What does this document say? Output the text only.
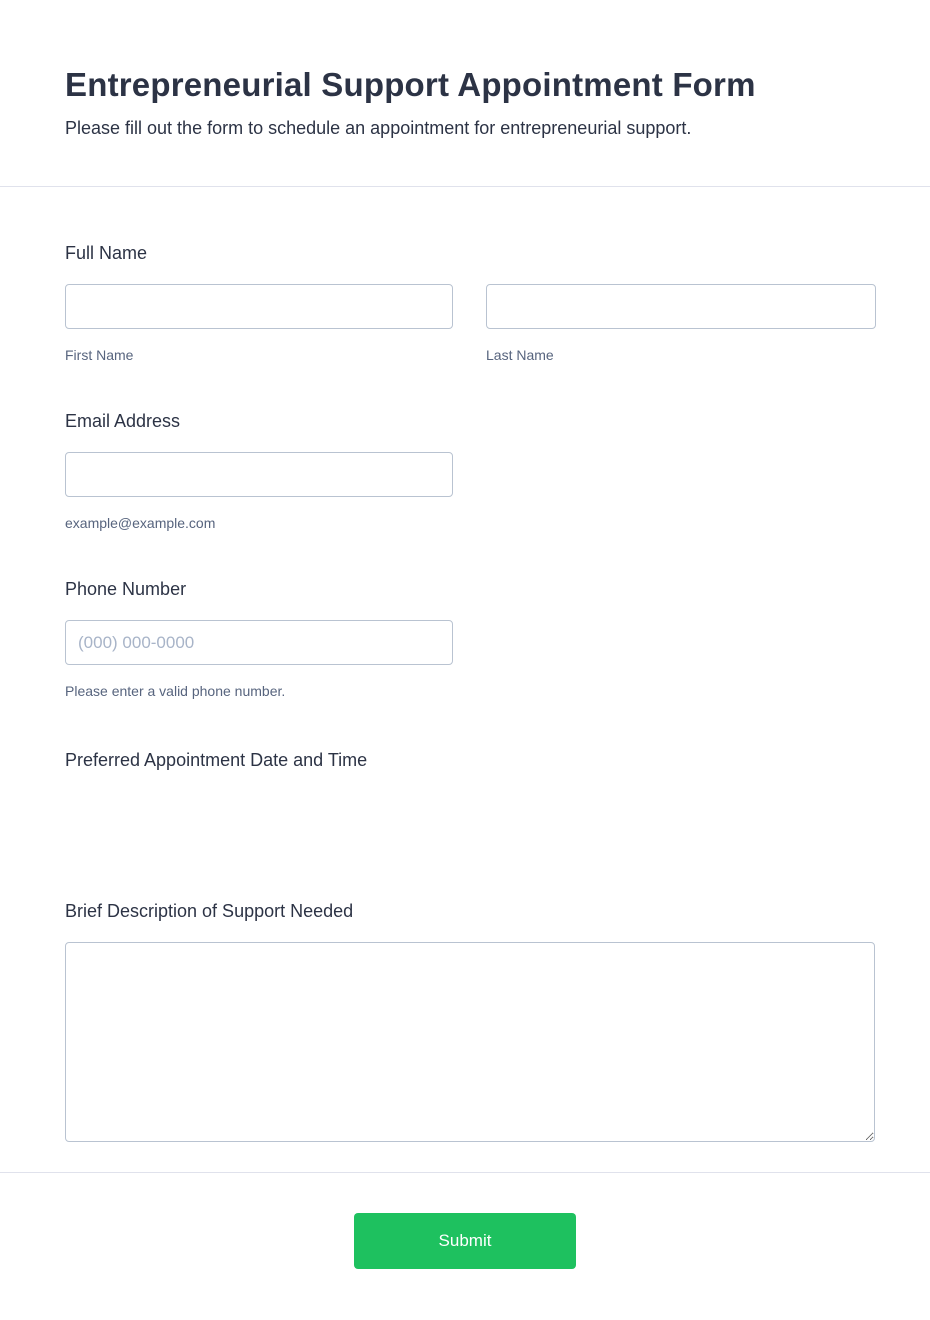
Entrepreneurial Support Appointment Form
Please fill out the form to schedule an appointment for entrepreneurial support.
Full Name
First Name	Last Name
Email Address
example@example.com
Phone Number
(000) 000-0000
Please enter a valid phone number.
Preferred Appointment Date and Time
Brief Description of Support Needed
Submit
